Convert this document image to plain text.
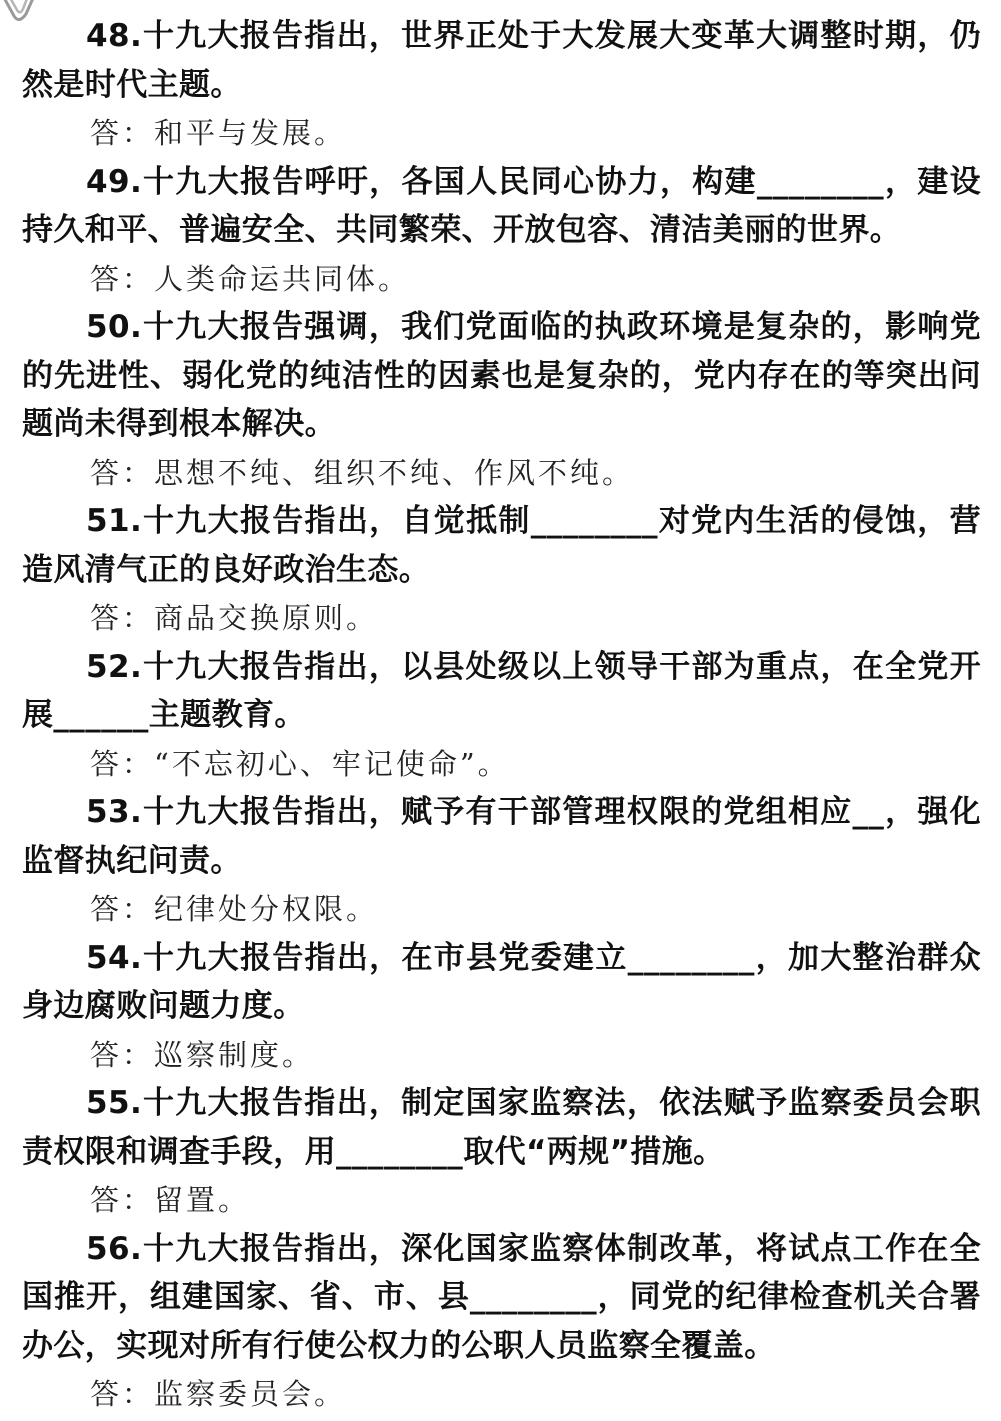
48.十九大报告指出，世界正处于大发展大变革大调整时期，仍然是时代主题。

答：和平与发展。

49.十九大报告呼吁，各国人民同心协力，构建________，建设持久和平、普遍安全、共同繁荣、开放包容、清洁美丽的世界。

答：人类命运共同体。

50.十九大报告强调，我们党面临的执政环境是复杂的，影响党的先进性、弱化党的纯洁性的因素也是复杂的，党内存在的等突出问题尚未得到根本解决。

答：思想不纯、组织不纯、作风不纯。

51.十九大报告指出，自觉抵制________对党内生活的侵蚀，营造风清气正的良好政治生态。

答：商品交换原则。

52.十九大报告指出，以县处级以上领导干部为重点，在全党开展______主题教育。

答：“不忘初心、牢记使命”。

53.十九大报告指出，赋予有干部管理权限的党组相应__，强化监督执纪问责。

答：纪律处分权限。

54.十九大报告指出，在市县党委建立________，加大整治群众身边腐败问题力度。

答：巡察制度。

55.十九大报告指出，制定国家监察法，依法赋予监察委员会职责权限和调查手段，用________取代“两规”措施。

答：留置。

56.十九大报告指出，深化国家监察体制改革，将试点工作在全国推开，组建国家、省、市、县________，同党的纪律检查机关合署办公，实现对所有行使公权力的公职人员监察全覆盖。

答：监察委员会。
